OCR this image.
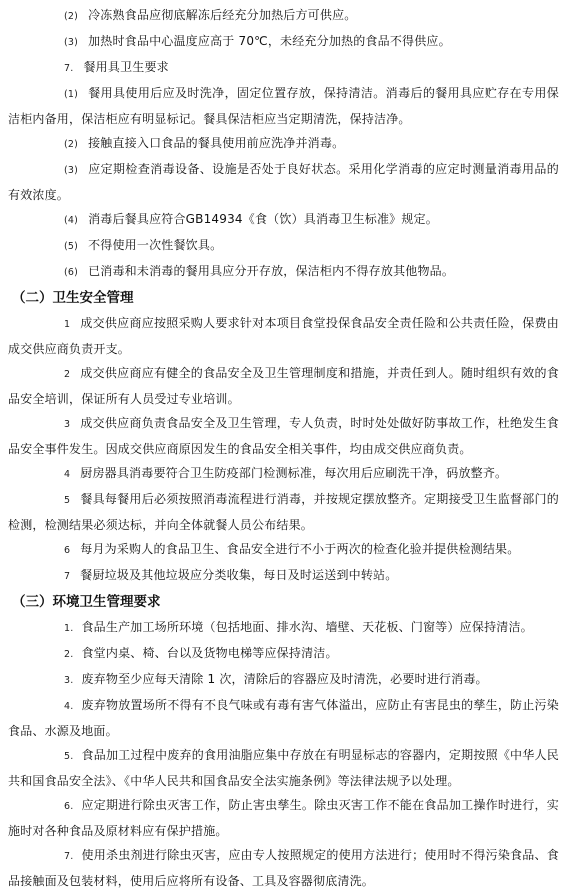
(2) 冷冻熟食品应彻底解冻后经充分加热后方可供应。

(3) 加热时食品中心温度应高于 70℃，未经充分加热的食品不得供应。

7. 餐用具卫生要求

(1) 餐用具使用后应及时洗净，固定位置存放，保持清洁。消毒后的餐用具应贮存在专用保洁柜内备用，保洁柜应有明显标记。餐具保洁柜应当定期清洗，保持洁净。

(2) 接触直接入口食品的餐具使用前应洗净并消毒。

(3) 应定期检查消毒设备、设施是否处于良好状态。采用化学消毒的应定时测量消毒用品的有效浓度。

(4) 消毒后餐具应符合GB14934《食（饮）具消毒卫生标准》规定。

(5) 不得使用一次性餐饮具。

(6) 已消毒和未消毒的餐用具应分开存放，保洁柜内不得存放其他物品。

（二）卫生安全管理

1 成交供应商应按照采购人要求针对本项目食堂投保食品安全责任险和公共责任险，保费由成交供应商负责开支。

2 成交供应商应有健全的食品安全及卫生管理制度和措施，并责任到人。随时组织有效的食品安全培训，保证所有人员受过专业培训。

3 成交供应商负责食品安全及卫生管理，专人负责，时时处处做好防事故工作，杜绝发生食品安全事件发生。因成交供应商原因发生的食品安全相关事件，均由成交供应商负责。

4 厨房器具消毒要符合卫生防疫部门检测标准，每次用后应刷洗干净，码放整齐。

5 餐具每餐用后必须按照消毒流程进行消毒，并按规定摆放整齐。定期接受卫生监督部门的检测，检测结果必须达标，并向全体就餐人员公布结果。

6 每月为采购人的食品卫生、食品安全进行不小于两次的检查化验并提供检测结果。

7 餐厨垃圾及其他垃圾应分类收集，每日及时运送到中转站。

（三）环境卫生管理要求

1. 食品生产加工场所环境（包括地面、排水沟、墙壁、天花板、门窗等）应保持清洁。

2. 食堂内桌、椅、台以及货物电梯等应保持清洁。

3. 废弃物至少应每天清除 1 次，清除后的容器应及时清洗，必要时进行消毒。

4. 废弃物放置场所不得有不良气味或有毒有害气体溢出，应防止有害昆虫的孳生，防止污染食品、水源及地面。

5. 食品加工过程中废弃的食用油脂应集中存放在有明显标志的容器内，定期按照《中华人民共和国食品安全法》、《中华人民共和国食品安全法实施条例》等法律法规予以处理。

6. 应定期进行除虫灭害工作，防止害虫孳生。除虫灭害工作不能在食品加工操作时进行，实施时对各种食品及原材料应有保护措施。

7. 使用杀虫剂进行除虫灭害，应由专人按照规定的使用方法进行；使用时不得污染食品、食品接触面及包装材料，使用后应将所有设备、工具及容器彻底清洗。
